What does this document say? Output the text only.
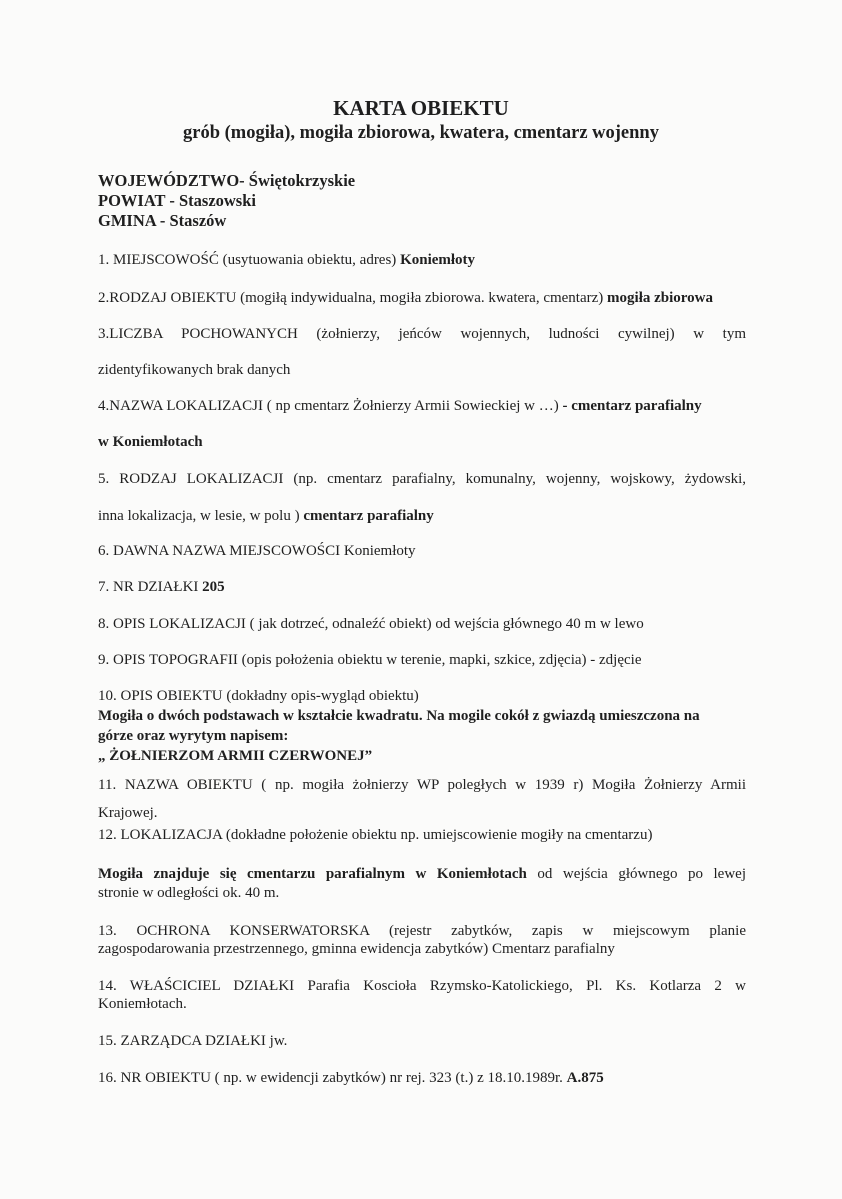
KARTA OBIEKTU
grób (mogiła), mogiła zbiorowa, kwatera, cmentarz wojenny
WOJEWÓDZTWO- Świętokrzyskie
POWIAT - Staszowski
GMINA - Staszów
1. MIEJSCOWOŚĆ (usytuowania obiektu, adres) Koniemłoty
2.RODZAJ OBIEKTU (mogiłą indywidualna, mogiła zbiorowa. kwatera, cmentarz) mogiła zbiorowa
3.LICZBA POCHOWANYCH (żołnierzy, jeńców wojennych, ludności cywilnej) w tym
zidentyfikowanych brak danych
4.NAZWA LOKALIZACJI ( np cmentarz Żołnierzy Armii Sowieckiej w …) - cmentarz parafialny
w Koniemłotach
5. RODZAJ LOKALIZACJI (np. cmentarz parafialny, komunalny, wojenny, wojskowy, żydowski,
inna lokalizacja, w lesie, w polu ) cmentarz parafialny
6. DAWNA NAZWA MIEJSCOWOŚCI Koniemłoty
7. NR DZIAŁKI 205
8. OPIS LOKALIZACJI ( jak dotrzeć, odnaleźć obiekt) od wejścia głównego 40 m w lewo
9. OPIS TOPOGRAFII (opis położenia obiektu w terenie, mapki, szkice, zdjęcia) - zdjęcie
10. OPIS OBIEKTU (dokładny opis-wygląd obiektu)
Mogiła o dwóch podstawach w kształcie kwadratu. Na mogile cokół z gwiazdą umieszczona na
górze oraz wyrytym napisem:
„ ŻOŁNIERZOM ARMII CZERWONEJ”
11. NAZWA OBIEKTU ( np. mogiła żołnierzy WP poległych w 1939 r) Mogiła Żołnierzy Armii
Krajowej.
12. LOKALIZACJA (dokładne położenie obiektu np. umiejscowienie mogiły na cmentarzu)
Mogiła znajduje się cmentarzu parafialnym w Koniemłotach od wejścia głównego po lewej
stronie w odległości ok. 40 m.
13. OCHRONA KONSERWATORSKA (rejestr zabytków, zapis w miejscowym planie
zagospodarowania przestrzennego, gminna ewidencja zabytków) Cmentarz parafialny
14. WŁAŚCICIEL DZIAŁKI Parafia Koscioła Rzymsko-Katolickiego, Pl. Ks. Kotlarza 2 w
Koniemłotach.
15. ZARZĄDCA DZIAŁKI jw.
16. NR OBIEKTU ( np. w ewidencji zabytków) nr rej. 323 (t.) z 18.10.1989r. A.875
